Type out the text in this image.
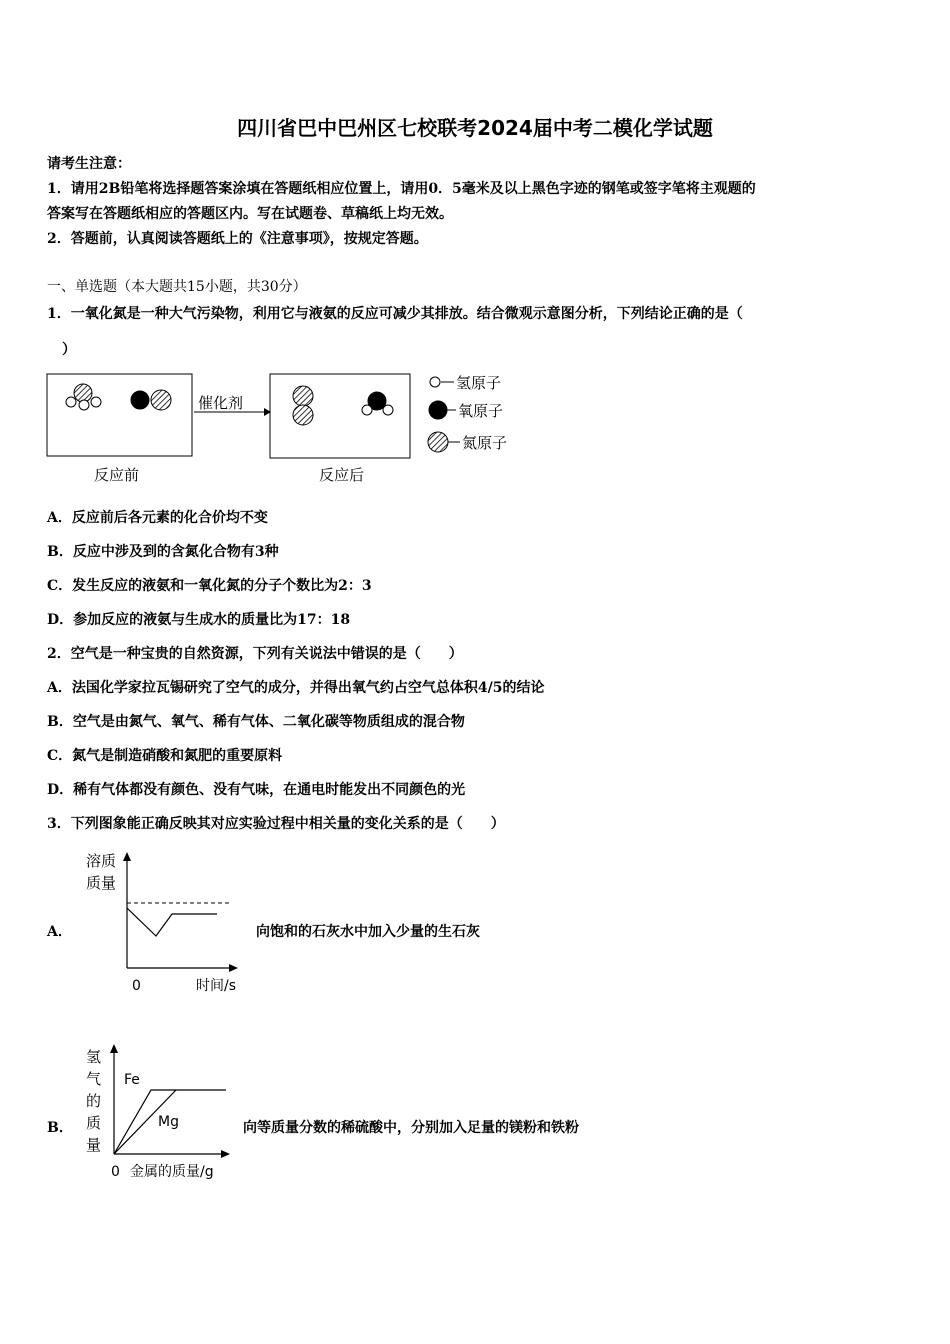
四川省巴中巴州区七校联考2024届中考二模化学试题
请考生注意：
1．请用2B铅笔将选择题答案涂填在答题纸相应位置上，请用0．5毫米及以上黑色字迹的钢笔或签字笔将主观题的
答案写在答题纸相应的答题区内。写在试题卷、草稿纸上均无效。
2．答题前，认真阅读答题纸上的《注意事项》，按规定答题。
一、单选题（本大题共15小题，共30分）
1．一氧化氮是一种大气污染物，利用它与液氨的反应可减少其排放。结合微观示意图分析，下列结论正确的是（
）
催化剂
氢原子
氧原子
氮原子
反应前	反应后
A．反应前后各元素的化合价均不变
B．反应中涉及到的含氮化合物有3种
C．发生反应的液氨和一氧化氮的分子个数比为2：3
D．参加反应的液氨与生成水的质量比为17：18
2．空气是一种宝贵的自然资源，下列有关说法中错误的是（　　）
A．法国化学家拉瓦锡研究了空气的成分，并得出氧气约占空气总体积4/5的结论
B．空气是由氮气、氧气、稀有气体、二氧化碳等物质组成的混合物
C．氮气是制造硝酸和氮肥的重要原料
D．稀有气体都没有颜色、没有气味，在通电时能发出不同颜色的光
3．下列图象能正确反映其对应实验过程中相关量的变化关系的是（　　）
A．
溶质
质量
0	时间/s
向饱和的石灰水中加入少量的生石灰
B．
氢
气
的
质
量
Fe
Mg
0 金属的质量/g
向等质量分数的稀硫酸中，分别加入足量的镁粉和铁粉
